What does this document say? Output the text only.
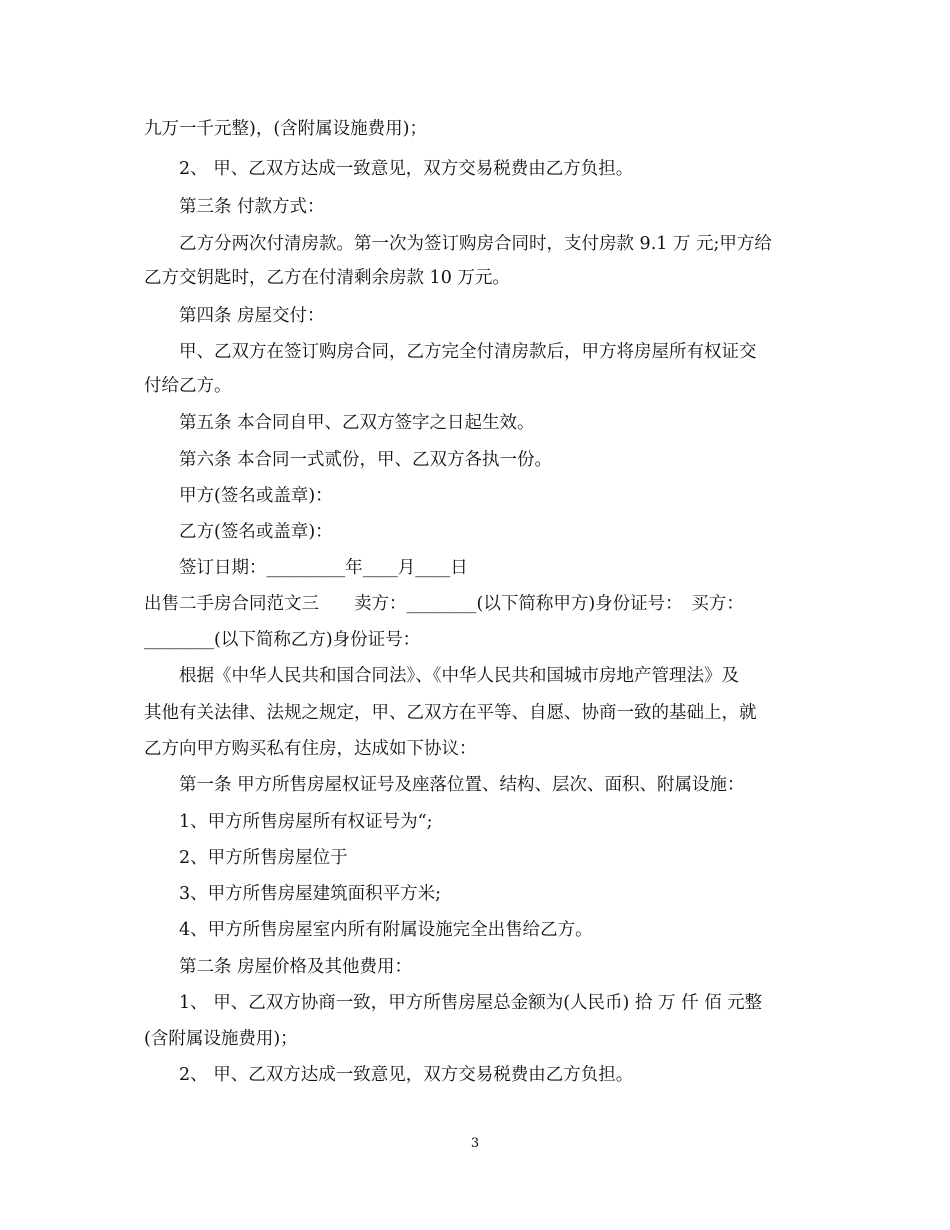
九万一千元整)，(含附属设施费用)；
2、 甲、乙双方达成一致意见，双方交易税费由乙方负担。
第三条 付款方式：
乙方分两次付清房款。第一次为签订购房合同时，支付房款 9.1 万 元;甲方给
乙方交钥匙时，乙方在付清剩余房款 10 万元。
第四条 房屋交付：
甲、乙双方在签订购房合同，乙方完全付清房款后，甲方将房屋所有权证交
付给乙方。
第五条 本合同自甲、乙双方签字之日起生效。
第六条 本合同一式贰份，甲、乙双方各执一份。
甲方(签名或盖章)：
乙方(签名或盖章)：
签订日期：_________年____月____日
出售二手房合同范文三　　卖方：________(以下简称甲方)身份证号：　买方：
________(以下简称乙方)身份证号：
根据《中华人民共和国合同法》、《中华人民共和国城市房地产管理法》及
其他有关法律、法规之规定，甲、乙双方在平等、自愿、协商一致的基础上，就
乙方向甲方购买私有住房，达成如下协议：
第一条 甲方所售房屋权证号及座落位置、结构、层次、面积、附属设施：
1、甲方所售房屋所有权证号为“;
2、甲方所售房屋位于
3、甲方所售房屋建筑面积平方米;
4、甲方所售房屋室内所有附属设施完全出售给乙方。
第二条 房屋价格及其他费用：
1、 甲、乙双方协商一致，甲方所售房屋总金额为(人民币) 拾 万 仟 佰 元整
(含附属设施费用)；
2、 甲、乙双方达成一致意见，双方交易税费由乙方负担。
3
